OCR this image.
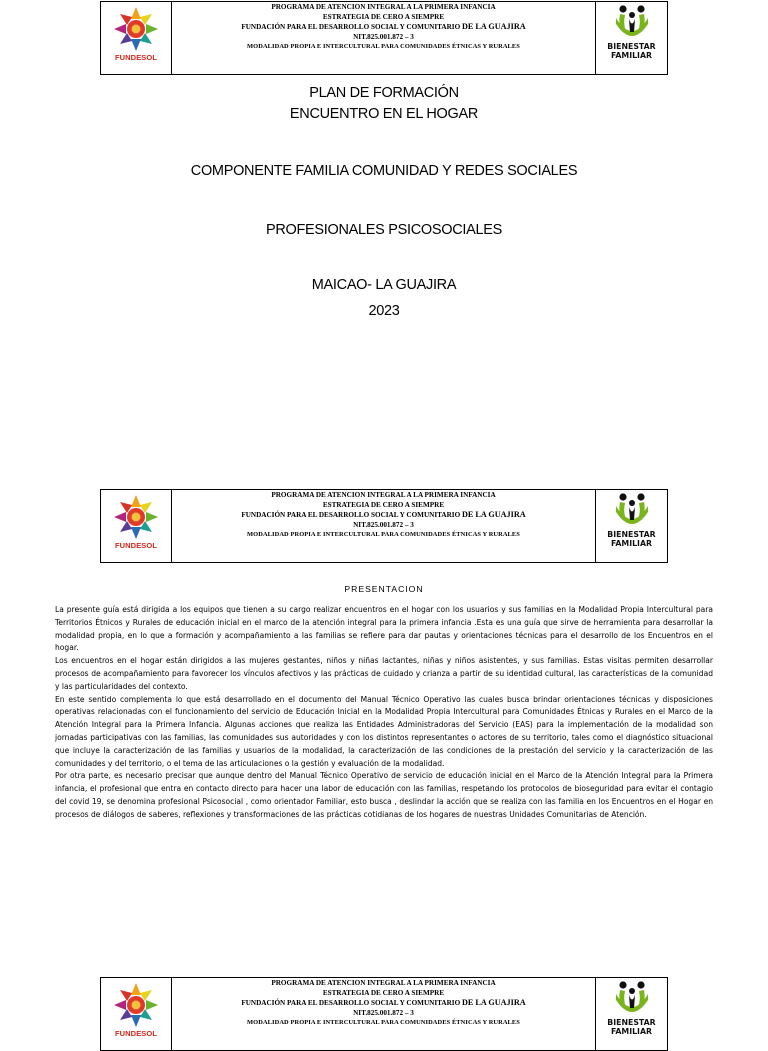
FUNDESOL
PROGRAMA DE ATENCION INTEGRAL A LA PRIMERA INFANCIA
ESTRATEGIA DE CERO A SIEMPRE
FUNDACIÓN PARA EL DESARROLLO SOCIAL Y COMUNITARIO DE LA GUAJIRA
NIT.825.001.872 – 3
MODALIDAD PROPIA E INTERCULTURAL PARA COMUNIDADES ÉTNICAS Y RURALES	BIENESTAR
FAMILIAR
PLAN DE FORMACIÓN
ENCUENTRO EN EL HOGAR
COMPONENTE FAMILIA COMUNIDAD Y REDES SOCIALES
PROFESIONALES PSICOSOCIALES
MAICAO- LA GUAJIRA
2023
FUNDESOL
PROGRAMA DE ATENCION INTEGRAL A LA PRIMERA INFANCIA
ESTRATEGIA DE CERO A SIEMPRE
FUNDACIÓN PARA EL DESARROLLO SOCIAL Y COMUNITARIO DE LA GUAJIRA
NIT.825.001.872 – 3
MODALIDAD PROPIA E INTERCULTURAL PARA COMUNIDADES ÉTNICAS Y RURALES	BIENESTAR
FAMILIAR
PRESENTACION

La presente guía está dirigida a los equipos que tienen a su cargo realizar encuentros en el hogar con los usuarios y sus familias en la Modalidad Propia Intercultural para Territorios Étnicos y Rurales de educación inicial en el marco de la atención integral para la primera infancia .Esta es una guía que sirve de herramienta para desarrollar la modalidad propia, en lo que a formación y acompañamiento a las familias se refiere para dar pautas y orientaciones técnicas para el desarrollo de los Encuentros en el hogar.

Los encuentros en el hogar están dirigidos a las mujeres gestantes, niños y niñas lactantes, niñas y niños asistentes, y sus familias. Estas visitas permiten desarrollar procesos de acompañamiento para favorecer los vínculos afectivos y las prácticas de cuidado y crianza a partir de su identidad cultural, las características de la comunidad y las particularidades del contexto.

En este sentido complementa lo que está desarrollado en el documento del Manual Técnico Operativo las cuales busca brindar orientaciones técnicas y disposiciones operativas relacionadas con el funcionamiento del servicio de Educación Inicial en la Modalidad Propia Intercultural para Comunidades Étnicas y Rurales en el Marco de la Atención Integral para la Primera Infancia. Algunas acciones que realiza las Entidades Administradoras del Servicio (EAS) para la implementación de la modalidad son jornadas participativas con las familias, las comunidades sus autoridades y con los distintos representantes o actores de su territorio, tales como el diagnóstico situacional que incluye la caracterización de las familias y usuarios de la modalidad, la caracterización de las condiciones de la prestación del servicio y la caracterización de las comunidades y del territorio, o el tema de las articulaciones o la gestión y evaluación de la modalidad.

Por otra parte, es necesario precisar que aunque dentro del Manual Técnico Operativo de servicio de educación inicial en el Marco de la Atención Integral para la Primera infancia, el profesional que entra en contacto directo para hacer una labor de educación con las familias, respetando los protocolos de bioseguridad para evitar el contagio del covid 19, se denomina profesional Psicosocial , como orientador Familiar, esto busca , deslindar la acción que se realiza con las familia en los Encuentros en el Hogar en procesos de diálogos de saberes, reflexiones y transformaciones de las prácticas cotidianas de los hogares de nuestras Unidades Comunitarias de Atención.

FUNDESOL
PROGRAMA DE ATENCION INTEGRAL A LA PRIMERA INFANCIA
ESTRATEGIA DE CERO A SIEMPRE
FUNDACIÓN PARA EL DESARROLLO SOCIAL Y COMUNITARIO DE LA GUAJIRA
NIT.825.001.872 – 3
MODALIDAD PROPIA E INTERCULTURAL PARA COMUNIDADES ÉTNICAS Y RURALES	BIENESTAR
FAMILIAR
